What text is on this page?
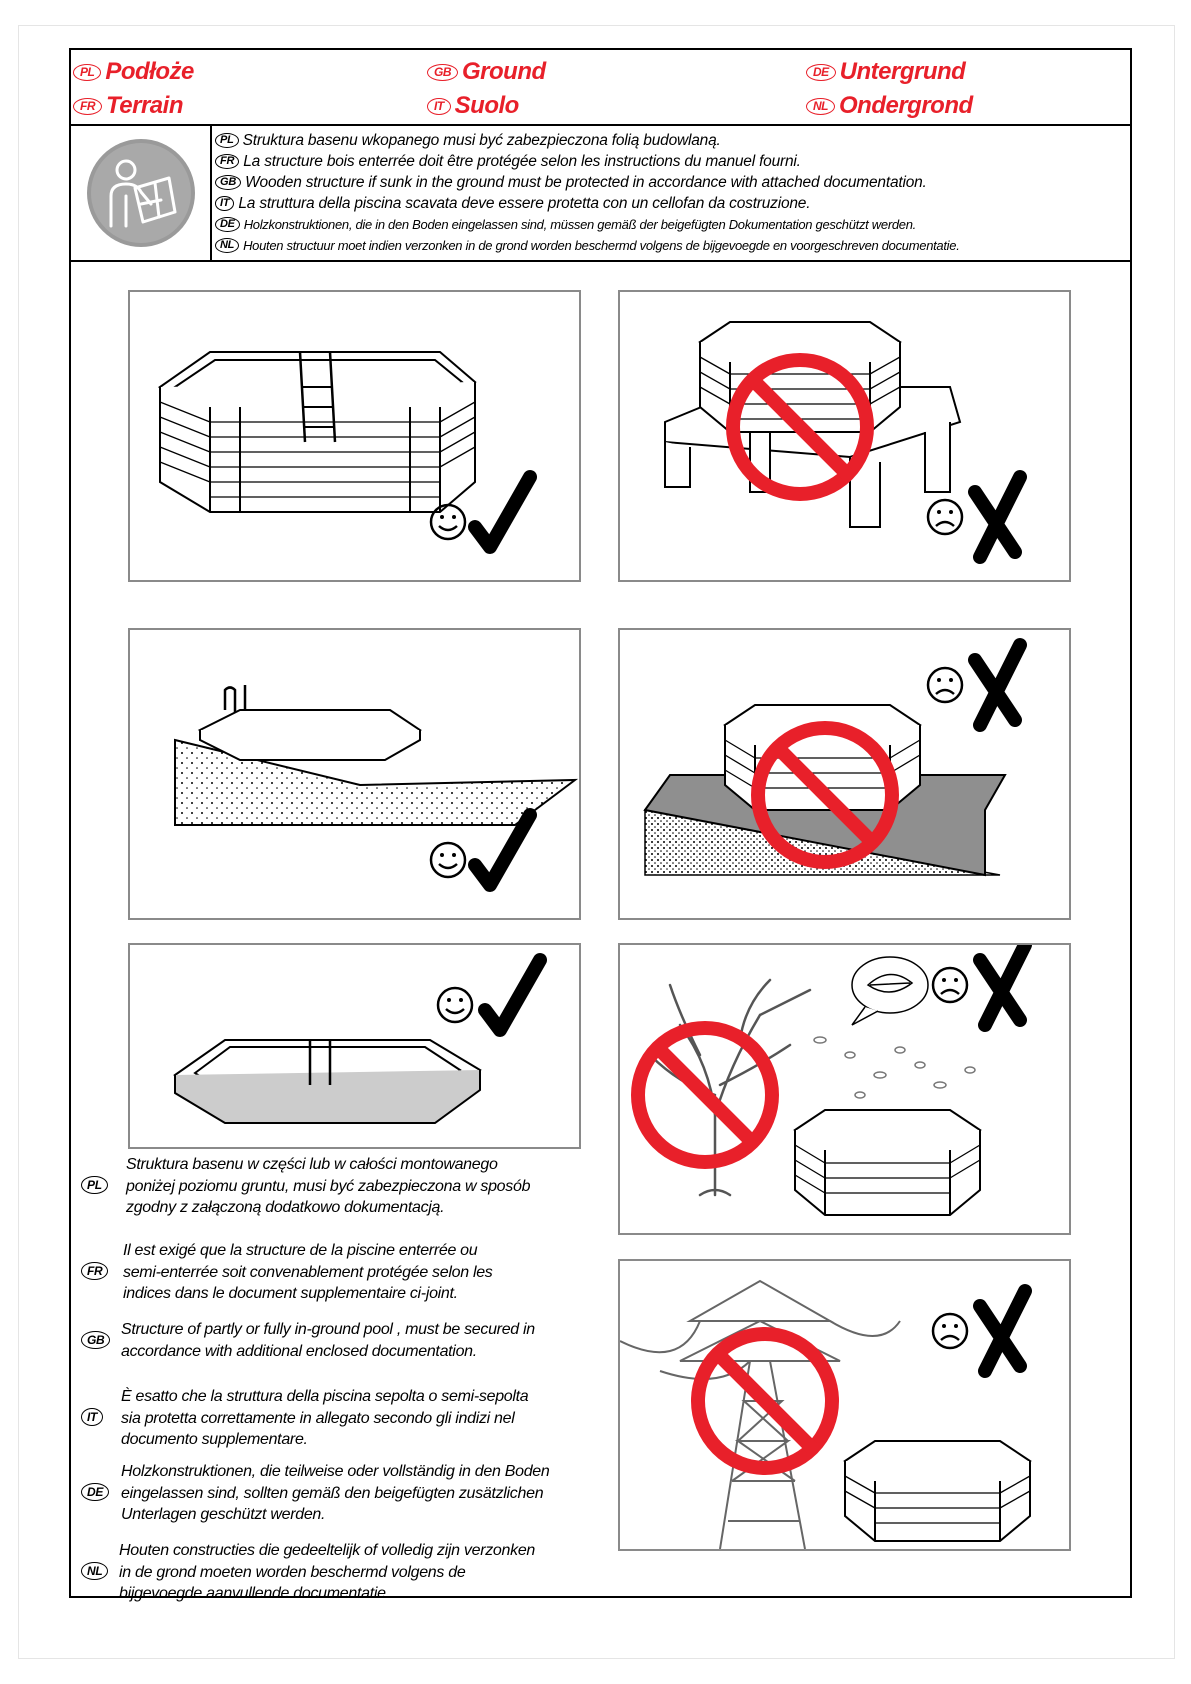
PL Podłoże	GB Ground	DE Untergrund
FR Terrain	IT Suolo	NL Ondergrond
PL Struktura basenu wkopanego musi być zabezpieczona folią budowlaną.
FR La structure bois enterrée doit être protégée selon les instructions du manuel fourni.
GB Wooden structure if sunk in the ground must be protected in accordance with attached documentation.
IT La struttura della piscina scavata deve essere protetta con un cellofan da costruzione.
DE Holzkonstruktionen, die in den Boden eingelassen sind, müssen gemäß der beigefügten Dokumentation geschützt werden.
NL Houten structuur moet indien verzonken in de grond worden beschermd volgens de bijgevoegde en voorgeschreven documentatie.
PL
Struktura basenu w części lub w całości montowanego
poniżej poziomu gruntu, musi być zabezpieczona w sposób
zgodny z załączoną dodatkowo dokumentacją.
FR
Il est exigé que la structure de la piscine enterrée ou
semi-enterrée soit convenablement protégée selon les
indices dans le document supplementaire ci-joint.
GB
Structure of partly or fully in-ground pool , must be secured in
accordance with additional enclosed documentation.
IT
È esatto che la struttura della piscina sepolta o semi-sepolta
sia protetta correttamente in allegato secondo gli indizi nel
documento supplementare.
DE
Holzkonstruktionen, die teilweise oder vollständig in den Boden
eingelassen sind, sollten gemäß den beigefügten zusätzlichen
Unterlagen geschützt werden.
NL
Houten constructies die gedeeltelijk of volledig zijn verzonken
in de grond moeten worden beschermd volgens de
bijgevoegde aanvullende documentatie.
